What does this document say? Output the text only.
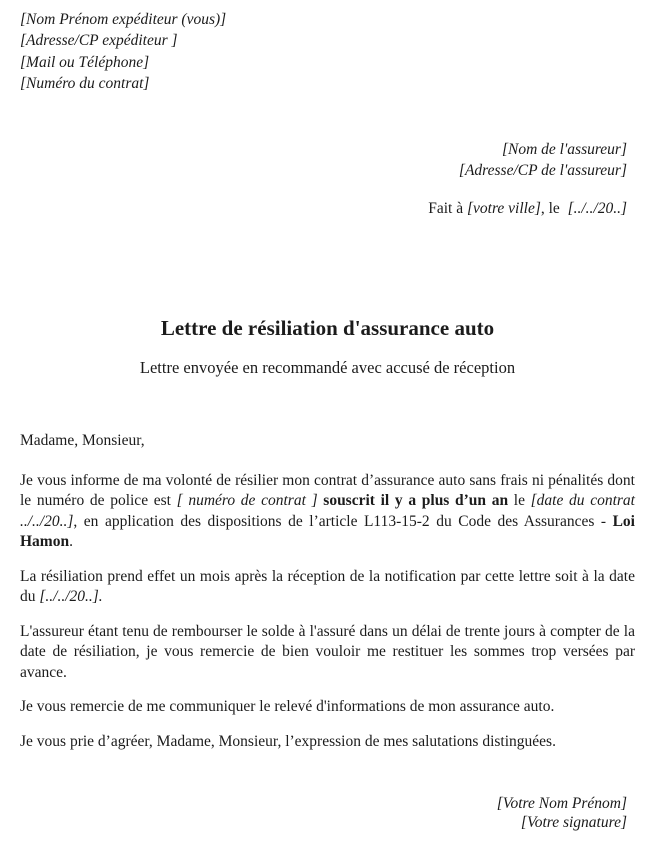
[Nom Prénom expéditeur (vous)]
[Adresse/CP expéditeur ]
[Mail ou Téléphone]
[Numéro du contrat]
[Nom de l'assureur]
[Adresse/CP de l'assureur]
Fait à [votre ville], le  [../../20..]
Lettre de résiliation d'assurance auto
Lettre envoyée en recommandé avec accusé de réception

Madame, Monsieur,

Je vous informe de ma volonté de résilier mon contrat d’assurance auto sans frais ni pénalités dont le numéro de police est [ numéro de contrat ] souscrit il y a plus d’un an le [date du contrat ../../20..], en application des dispositions de l’article L113-15-2 du Code des Assurances - Loi Hamon.

La résiliation prend effet un mois après la réception de la notification par cette lettre soit à la date du [../../20..].

L'assureur étant tenu de rembourser le solde à l'assuré dans un délai de trente jours à compter de la date de résiliation, je vous remercie de bien vouloir me restituer les sommes trop versées par avance.

Je vous remercie de me communiquer le relevé d'informations de mon assurance auto.

Je vous prie d’agréer, Madame, Monsieur, l’expression de mes salutations distinguées.

[Votre Nom Prénom]
[Votre signature]
